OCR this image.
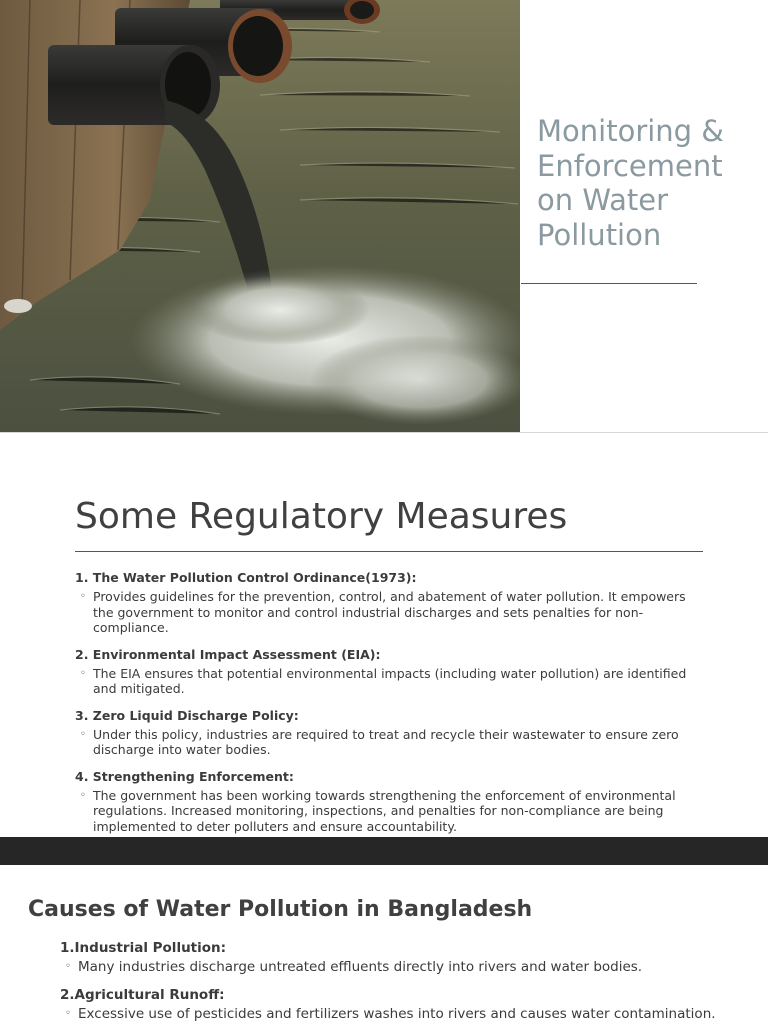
Monitoring & Enforcement on Water Pollution
Some Regulatory Measures
1. The Water Pollution Control Ordinance(1973):
◦ Provides guidelines for the prevention, control, and abatement of water pollution. It empowers the government to monitor and control industrial discharges and sets penalties for non-compliance.
2. Environmental Impact Assessment (EIA):
◦ The EIA ensures that potential environmental impacts (including water pollution) are identified and mitigated.
3. Zero Liquid Discharge Policy:
◦ Under this policy, industries are required to treat and recycle their wastewater to ensure zero discharge into water bodies.
4. Strengthening Enforcement:
◦ The government has been working towards strengthening the enforcement of environmental regulations. Increased monitoring, inspections, and penalties for non-compliance are being implemented to deter polluters and ensure accountability.
Causes of Water Pollution in Bangladesh
1.Industrial Pollution:
◦ Many industries discharge untreated effluents directly into rivers and water bodies.
2.Agricultural Runoff:
◦ Excessive use of pesticides and fertilizers washes into rivers and causes water contamination.
